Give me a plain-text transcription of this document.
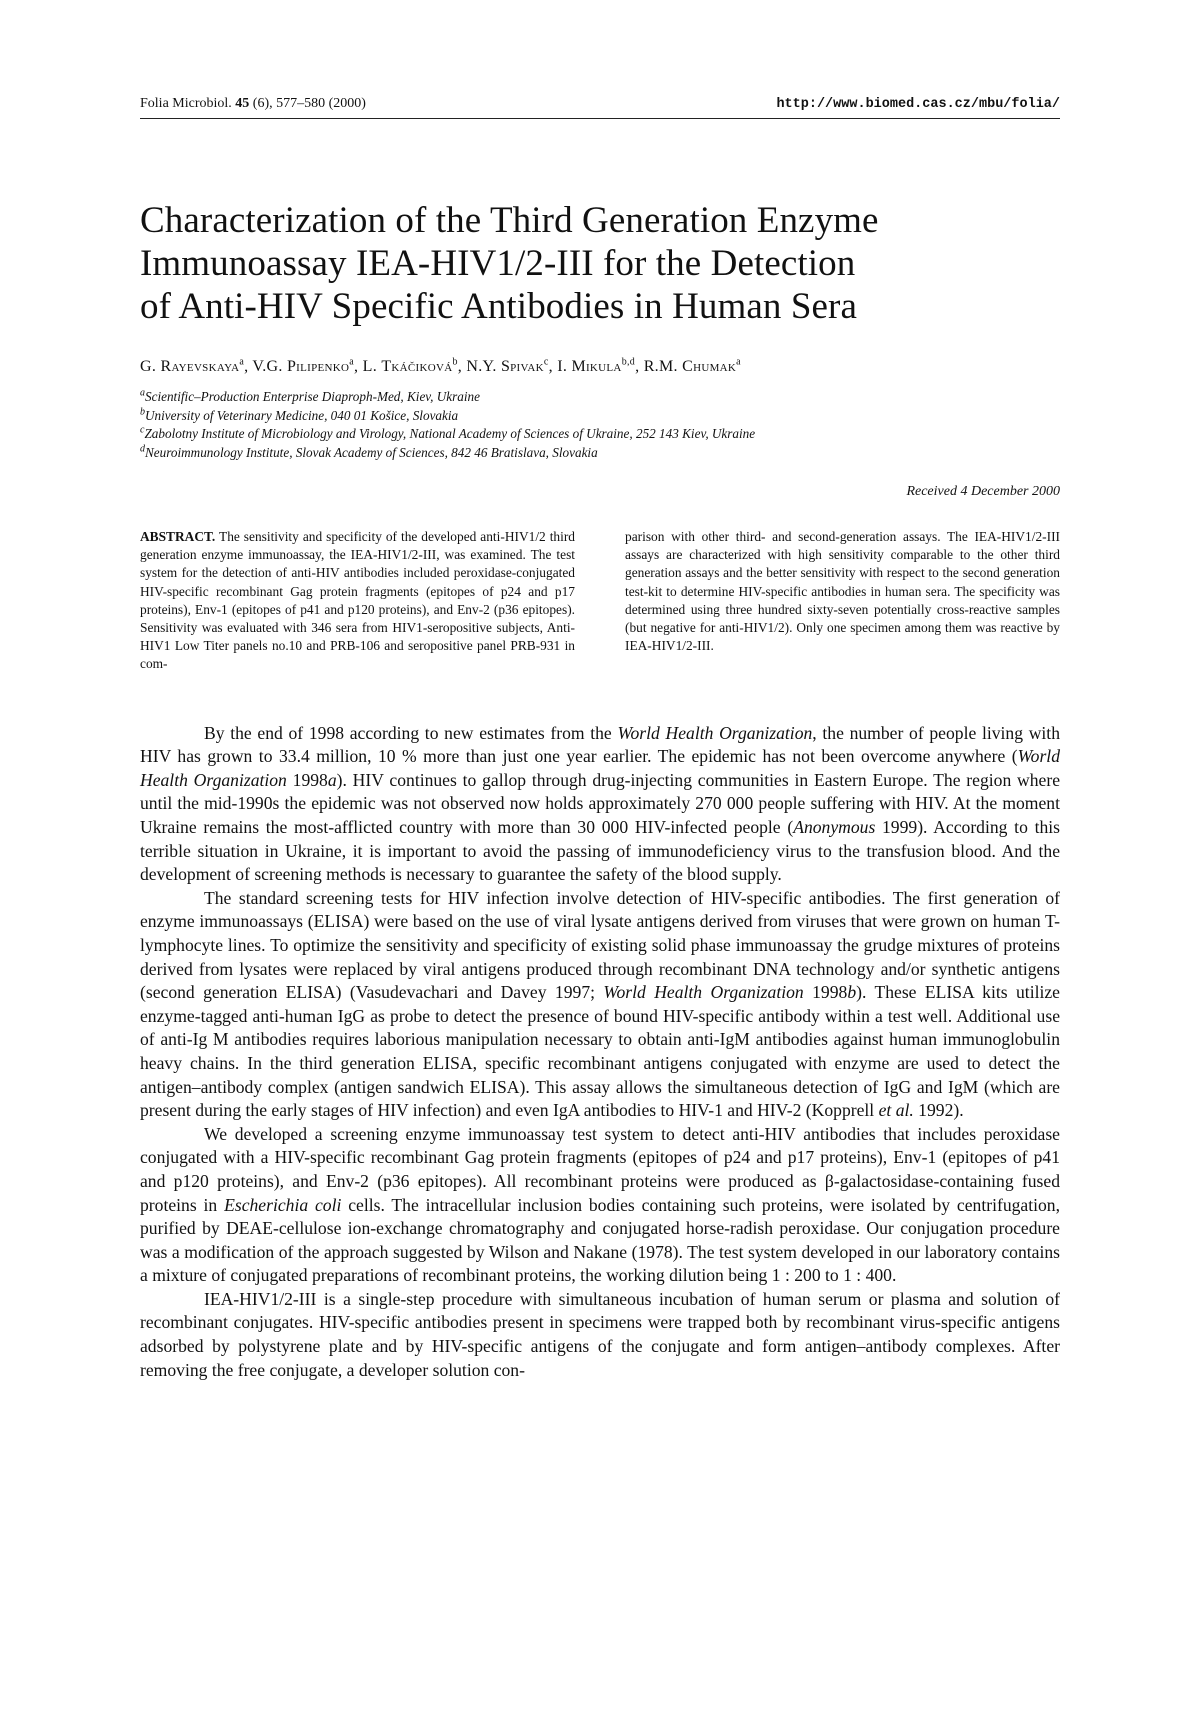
Folia Microbiol. 45 (6), 577–580 (2000)	http://www.biomed.cas.cz/mbu/folia/
Characterization of the Third Generation Enzyme
Immunoassay IEA-HIV1/2-III for the Detection
of Anti-HIV Specific Antibodies in Human Sera
G. Rayevskaya$^a$, V.G. Pilipenko$^a$, L. Tkáčiková$^b$, N.Y. Spivak$^c$, I. Mikula$^{b,d}$, R.M. Chumak$^a$
$^a$Scientific–Production Enterprise Diaproph-Med, Kiev, Ukraine
$^b$University of Veterinary Medicine, 040 01 Košice, Slovakia
$^c$Zabolotny Institute of Microbiology and Virology, National Academy of Sciences of Ukraine, 252 143 Kiev, Ukraine
$^d$Neuroimmunology Institute, Slovak Academy of Sciences, 842 46 Bratislava, Slovakia
Received 4 December 2000
ABSTRACT. The sensitivity and specificity of the developed anti-HIV1/2 third generation enzyme immunoassay, the IEA-HIV1/2-III, was examined. The test system for the detection of anti-HIV antibodies included peroxidase-conjugated HIV-specific recombinant Gag protein fragments (epitopes of p24 and p17 proteins), Env-1 (epitopes of p41 and p120 proteins), and Env-2 (p36 epitopes). Sensitivity was evaluated with 346 sera from HIV1-seropositive subjects, Anti-HIV1 Low Titer panels no.10 and PRB-106 and seropositive panel PRB-931 in com-
parison with other third- and second-generation assays. The IEA-HIV1/2-III assays are characterized with high sensitivity comparable to the other third generation assays and the better sensitivity with respect to the second generation test-kit to determine HIV-specific antibodies in human sera. The specificity was determined using three hundred sixty-seven potentially cross-reactive samples (but negative for anti-HIV1/2). Only one specimen among them was reactive by IEA-HIV1/2-III.

By the end of 1998 according to new estimates from the World Health Organization, the number of people living with HIV has grown to 33.4 million, 10 % more than just one year earlier. The epidemic has not been overcome anywhere (World Health Organization 1998a). HIV continues to gallop through drug-injecting communities in Eastern Europe. The region where until the mid-1990s the epidemic was not observed now holds approximately 270 000 people suffering with HIV. At the moment Ukraine remains the most-afflicted country with more than 30 000 HIV-infected people (Anonymous 1999). According to this terrible situation in Ukraine, it is important to avoid the passing of immunodeficiency virus to the transfusion blood. And the development of screening methods is necessary to guarantee the safety of the blood supply.

The standard screening tests for HIV infection involve detection of HIV-specific antibodies. The first generation of enzyme immunoassays (ELISA) were based on the use of viral lysate antigens derived from viruses that were grown on human T-lymphocyte lines. To optimize the sensitivity and specificity of existing solid phase immunoassay the grudge mixtures of proteins derived from lysates were replaced by viral antigens produced through recombinant DNA technology and/or synthetic antigens (second generation ELISA) (Vasudevachari and Davey 1997; World Health Organization 1998b). These ELISA kits utilize enzyme-tagged anti-human IgG as probe to detect the presence of bound HIV-specific antibody within a test well. Additional use of anti-Ig M antibodies requires laborious manipulation necessary to obtain anti-IgM antibodies against human immunoglobulin heavy chains. In the third generation ELISA, specific recombinant antigens conjugated with enzyme are used to detect the antigen–antibody complex (antigen sandwich ELISA). This assay allows the simultaneous detection of IgG and IgM (which are present during the early stages of HIV infection) and even IgA antibodies to HIV-1 and HIV-2 (Kopprell et al. 1992).

We developed a screening enzyme immunoassay test system to detect anti-HIV antibodies that includes peroxidase conjugated with a HIV-specific recombinant Gag protein fragments (epitopes of p24 and p17 proteins), Env-1 (epitopes of p41 and p120 proteins), and Env-2 (p36 epitopes). All recombinant proteins were produced as β-galactosidase-containing fused proteins in Escherichia coli cells. The intracellular inclusion bodies containing such proteins, were isolated by centrifugation, purified by DEAE-cellulose ion-exchange chromatography and conjugated horse-radish peroxidase. Our conjugation procedure was a modification of the approach suggested by Wilson and Nakane (1978). The test system developed in our laboratory contains a mixture of conjugated preparations of recombinant proteins, the working dilution being 1 : 200 to 1 : 400.

IEA-HIV1/2-III is a single-step procedure with simultaneous incubation of human serum or plasma and solution of recombinant conjugates. HIV-specific antibodies present in specimens were trapped both by recombinant virus-specific antigens adsorbed by polystyrene plate and by HIV-specific antigens of the conjugate and form antigen–antibody complexes. After removing the free conjugate, a developer solution con-
